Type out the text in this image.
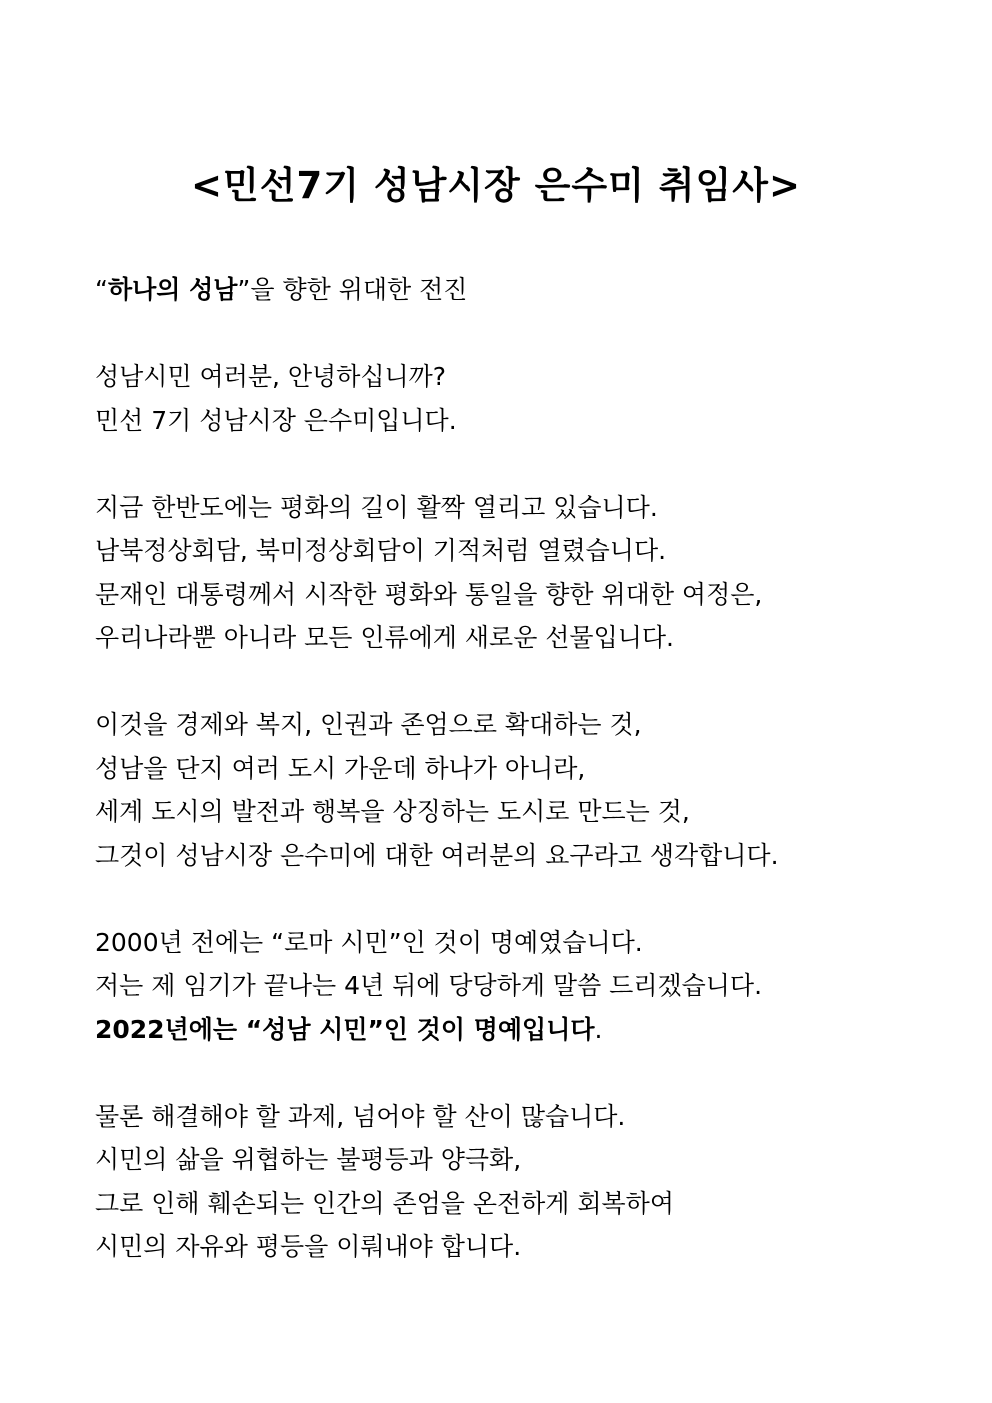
<민선7기 성남시장 은수미 취임사>
“하나의 성남”을 향한 위대한 전진
성남시민 여러분, 안녕하십니까?
민선 7기 성남시장 은수미입니다.
지금 한반도에는 평화의 길이 활짝 열리고 있습니다.
남북정상회담, 북미정상회담이 기적처럼 열렸습니다.
문재인 대통령께서 시작한 평화와 통일을 향한 위대한 여정은,
우리나라뿐 아니라 모든 인류에게 새로운 선물입니다.
이것을 경제와 복지, 인권과 존엄으로 확대하는 것,
성남을 단지 여러 도시 가운데 하나가 아니라,
세계 도시의 발전과 행복을 상징하는 도시로 만드는 것,
그것이 성남시장 은수미에 대한 여러분의 요구라고 생각합니다.
2000년 전에는 “로마 시민”인 것이 명예였습니다.
저는 제 임기가 끝나는 4년 뒤에 당당하게 말씀 드리겠습니다.
2022년에는 “성남 시민”인 것이 명예입니다.
물론 해결해야 할 과제, 넘어야 할 산이 많습니다.
시민의 삶을 위협하는 불평등과 양극화,
그로 인해 훼손되는 인간의 존엄을 온전하게 회복하여
시민의 자유와 평등을 이뤄내야 합니다.
